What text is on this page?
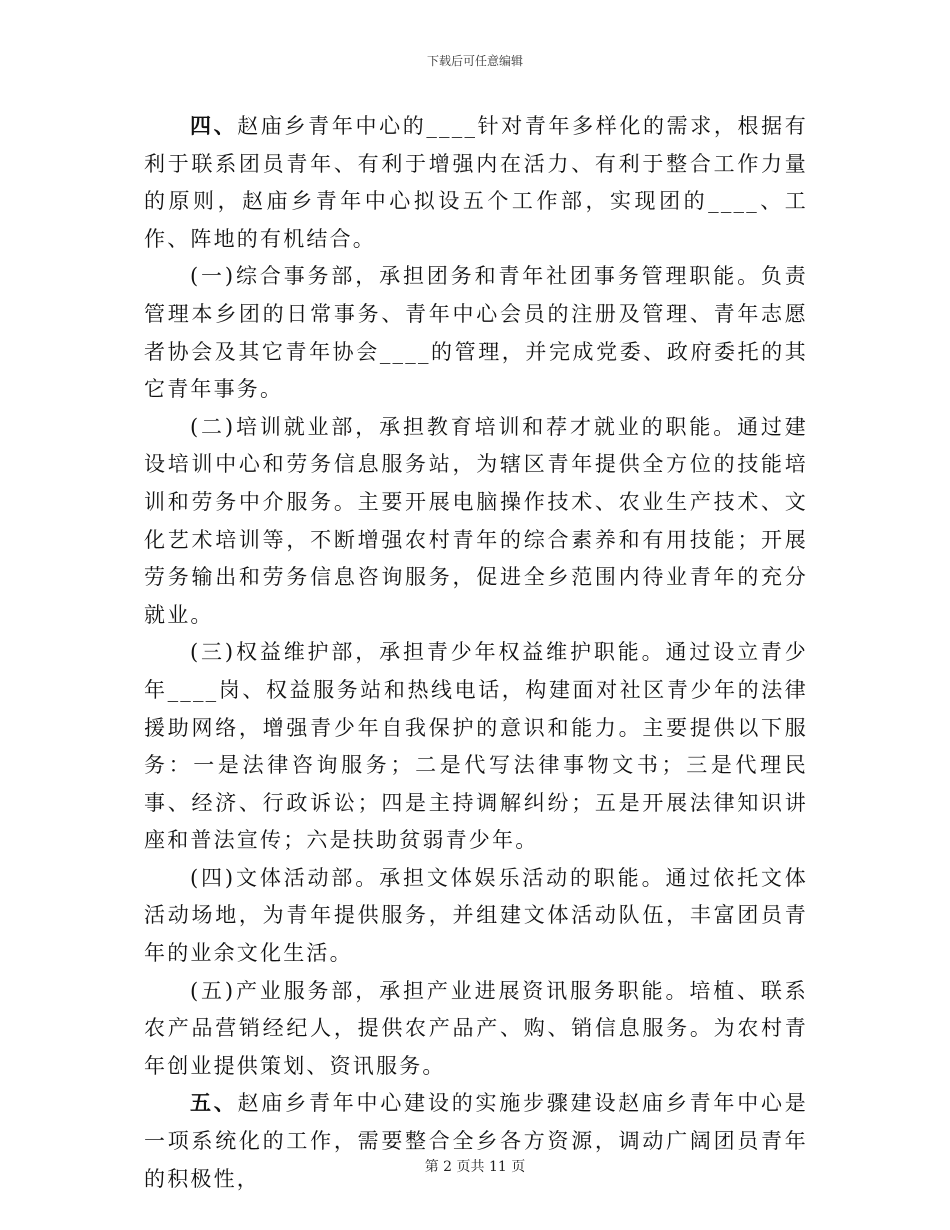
下载后可任意编辑

四、赵庙乡青年中心的____针对青年多样化的需求，根据有利于联系团员青年、有利于增强内在活力、有利于整合工作力量的原则，赵庙乡青年中心拟设五个工作部，实现团的____、工作、阵地的有机结合。

(一)综合事务部，承担团务和青年社团事务管理职能。负责管理本乡团的日常事务、青年中心会员的注册及管理、青年志愿者协会及其它青年协会____的管理，并完成党委、政府委托的其它青年事务。

(二)培训就业部，承担教育培训和荐才就业的职能。通过建设培训中心和劳务信息服务站，为辖区青年提供全方位的技能培训和劳务中介服务。主要开展电脑操作技术、农业生产技术、文化艺术培训等，不断增强农村青年的综合素养和有用技能；开展劳务输出和劳务信息咨询服务，促进全乡范围内待业青年的充分就业。

(三)权益维护部，承担青少年权益维护职能。通过设立青少年____岗、权益服务站和热线电话，构建面对社区青少年的法律援助网络，增强青少年自我保护的意识和能力。主要提供以下服务：一是法律咨询服务；二是代写法律事物文书；三是代理民事、经济、行政诉讼；四是主持调解纠纷；五是开展法律知识讲座和普法宣传；六是扶助贫弱青少年。

(四)文体活动部。承担文体娱乐活动的职能。通过依托文体活动场地，为青年提供服务，并组建文体活动队伍，丰富团员青年的业余文化生活。

(五)产业服务部，承担产业进展资讯服务职能。培植、联系农产品营销经纪人，提供农产品产、购、销信息服务。为农村青年创业提供策划、资讯服务。

五、赵庙乡青年中心建设的实施步骤建设赵庙乡青年中心是一项系统化的工作，需要整合全乡各方资源，调动广阔团员青年的积极性，	第 2 页共 11 页
